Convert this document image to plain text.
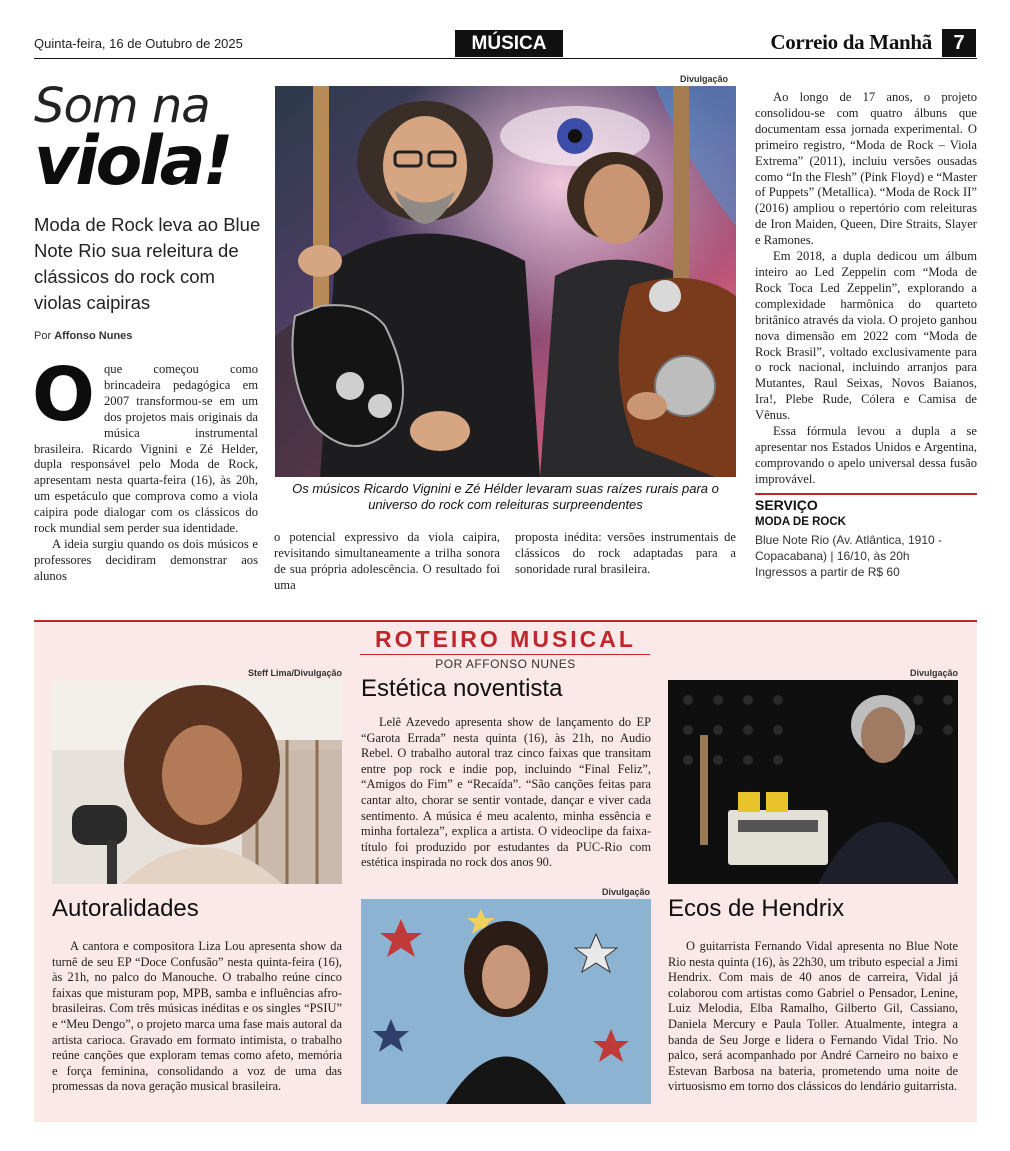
Quinta-feira, 16 de Outubro de 2025	MÚSICA	Correio da Manhã	7
Som na
viola!
Moda de Rock leva ao Blue Note Rio sua releitura de clássicos do rock com violas caipiras
Por Affonso Nunes
O que começou como brincadeira pedagógica em 2007 transformou-se em um dos projetos mais originais da música instrumental brasileira. Ricardo Vignini e Zé Helder, dupla responsável pelo Moda de Rock, apresentam nesta quarta-feira (16), às 20h, um espetáculo que comprova como a viola caipira pode dialogar com os clássicos do rock mundial sem perder sua identidade.

A ideia surgiu quando os dois músicos e professores decidiram demonstrar aos alunos

Divulgação
Os músicos Ricardo Vignini e Zé Hélder levaram suas raízes rurais para o universo do rock com releituras surpreendentes

o potencial expressivo da viola caipira, revisitando simultaneamente a trilha sonora de sua própria adolescência. O resultado foi uma

proposta inédita: versões instrumentais de clássicos do rock adaptadas para a sonoridade rural brasileira.

Ao longo de 17 anos, o projeto consolidou-se com quatro álbuns que documentam essa jornada experimental. O primeiro registro, “Moda de Rock – Viola Extrema” (2011), incluiu versões ousadas como “In the Flesh” (Pink Floyd) e “Master of Puppets” (Metallica). “Moda de Rock II” (2016) ampliou o repertório com releituras de Iron Maiden, Queen, Dire Straits, Slayer e Ramones.

Em 2018, a dupla dedicou um álbum inteiro ao Led Zeppelin com “Moda de Rock Toca Led Zeppelin”, explorando a complexidade harmônica do quarteto britânico através da viola. O projeto ganhou nova dimensão em 2022 com “Moda de Rock Brasil”, voltado exclusivamente para o rock nacional, incluindo arranjos para Mutantes, Raul Seixas, Novos Baianos, Ira!, Plebe Rude, Cólera e Camisa de Vênus.

Essa fórmula levou a dupla a se apresentar nos Estados Unidos e Argentina, comprovando o apelo universal dessa fusão improvável.

SERVIÇO
MODA DE ROCK
Blue Note Rio (Av. Atlântica, 1910 - Copacabana) | 16/10, às 20h
Ingressos a partir de R$ 60
ROTEIRO MUSICAL
POR AFFONSO NUNES
Steff Lima/Divulgação
Autoralidades

A cantora e compositora Liza Lou apresenta show da turnê de seu EP “Doce Confusão” nesta quinta-feira (16), às 21h, no palco do Manouche. O trabalho reúne cinco faixas que misturam pop, MPB, samba e influências afro-brasileiras. Com três músicas inéditas e os singles “PSIU” e “Meu Dengo”, o projeto marca uma fase mais autoral da artista carioca. Gravado em formato intimista, o trabalho reúne canções que exploram temas como afeto, memória e força feminina, consolidando a voz de uma das promessas da nova geração musical brasileira.

Estética noventista

Lelê Azevedo apresenta show de lançamento do EP “Garota Errada” nesta quinta (16), às 21h, no Audio Rebel. O trabalho autoral traz cinco faixas que transitam entre pop rock e indie pop, incluindo “Final Feliz”, “Amigos do Fim” e “Recaída”. “São canções feitas para cantar alto, chorar se sentir vontade, dançar e viver cada sentimento. A música é meu acalento, minha essência e minha fortaleza”, explica a artista. O videoclipe da faixa-título foi produzido por estudantes da PUC-Rio com estética inspirada no rock dos anos 90.

Divulgação
Divulgação
Ecos de Hendrix

O guitarrista Fernando Vidal apresenta no Blue Note Rio nesta quinta (16), às 22h30, um tributo especial a Jimi Hendrix. Com mais de 40 anos de carreira, Vidal já colaborou com artistas como Gabriel o Pensador, Lenine, Luiz Melodia, Elba Ramalho, Gilberto Gil, Cassiano, Daniela Mercury e Paula Toller. Atualmente, integra a banda de Seu Jorge e lidera o Fernando Vidal Trio. No palco, será acompanhado por André Carneiro no baixo e Estevan Barbosa na bateria, prometendo uma noite de virtuosismo em torno dos clássicos do lendário guitarrista.
